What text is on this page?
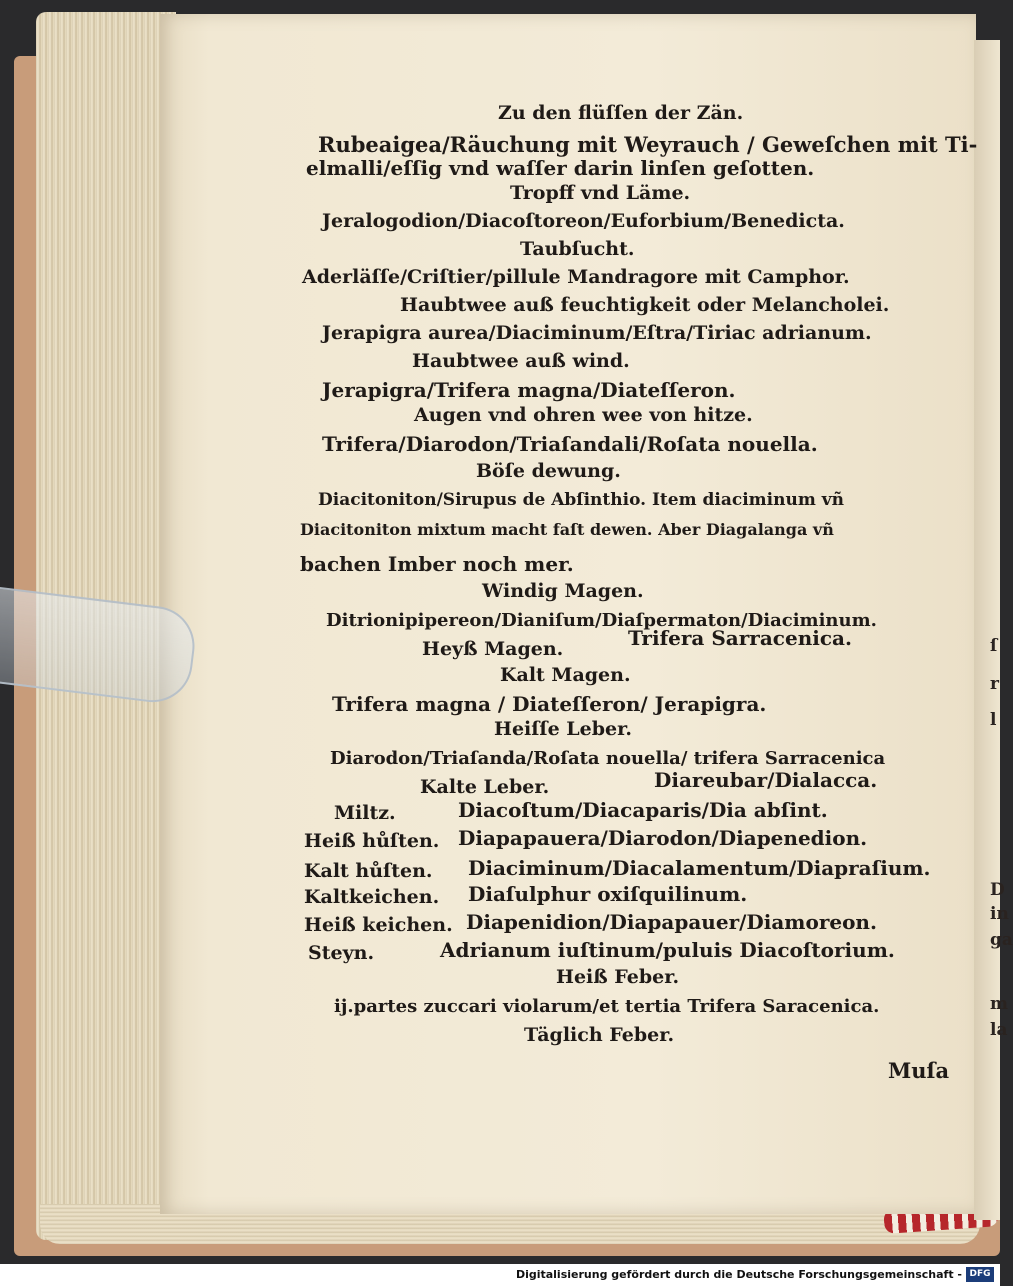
ſ
r
l
D
in
ga
m
la

Zu den flüſſen der Zän.

Rubeaigea/Räuchung mit Weyrauch / Geweſchen mit Ti-

elmalli/eſſig vnd waſſer darin linſen geſotten.

Tropff vnd Läme.

Jeralogodion/Diacoſtoreon/Euforbium/Benedicta.

Taubſucht.

Aderläſſe/Criſtier/pillule Mandragore mit Camphor.

Haubtwee auß feuchtigkeit oder Melancholei.

Jerapigra aurea/Diaciminum/Eſtra/Tiriac adrianum.

Haubtwee auß wind.

Jerapigra/Trifera magna/Diateſſeron.

Augen vnd ohren wee von hitze.

Trifera/Diarodon/Triaſandali/Roſata nouella.

Böſe dewung.

Diacitoniton/Sirupus de Abſinthio. Item diaciminum vñ

Diacitoniton mixtum macht faſt dewen. Aber Diagalanga vñ

bachen Imber noch mer.

Windig Magen.

Ditrionipipereon/Dianiſum/Diaſpermaton/Diaciminum.

Heyß Magen.	Trifera Sarracenica.

Kalt Magen.

Trifera magna / Diateſſeron/ Jerapigra.

Heiſſe Leber.

Diarodon/Triaſanda/Roſata nouella/ trifera Sarracenica

Kalte Leber.	Diareubar/Dialacca.

Miltz.	Diacoſtum/Diacaparis/Dia abſint.

Heiß hůſten. Diapapauera/Diarodon/Diapenedion.

Kalt hůſten. Diaciminum/Diacalamentum/Diapraſium.

Kaltkeichen. Diaſulphur oxiſquilinum.

Heiß keichen. Diapenidion/Diapapauer/Diamoreon.

Steyn.	Adrianum iuſtinum/puluis Diacoſtorium.

Heiß Feber.

ij.partes zuccari violarum/et tertia Trifera Saracenica.

Täglich Feber.

Muſa

Digitalisierung gefördert durch die Deutsche Forschungsgemeinschaft - DFG
